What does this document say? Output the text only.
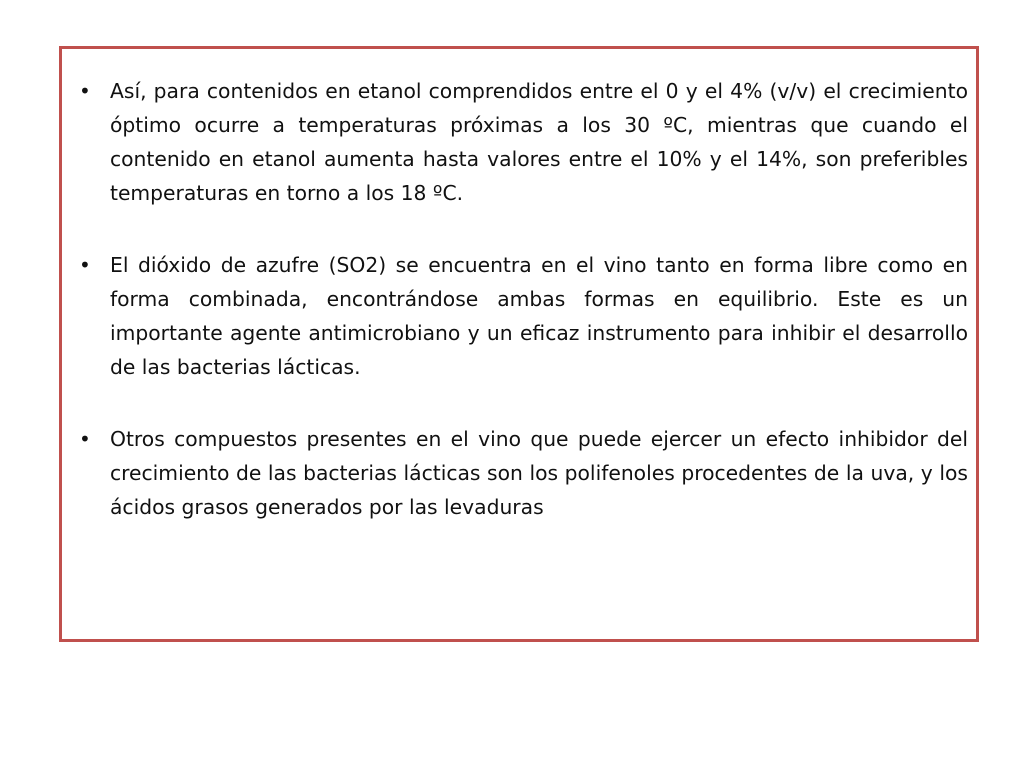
• Así, para contenidos en etanol comprendidos entre el 0 y el 4% (v/v) el crecimiento óptimo ocurre a temperaturas próximas a los 30 ºC, mientras que cuando el contenido en etanol aumenta hasta valores entre el 10% y el 14%, son preferibles temperaturas en torno a los 18 ºC.
• El dióxido de azufre (SO2) se encuentra en el vino tanto en forma libre como en forma combinada, encontrándose ambas formas en equilibrio. Este es un importante agente antimicrobiano y un eficaz instrumento para inhibir el desarrollo de las bacterias lácticas.
• Otros compuestos presentes en el vino que puede ejercer un efecto inhibidor del crecimiento de las bacterias lácticas son los polifenoles procedentes de la uva, y los ácidos grasos generados por las levaduras
